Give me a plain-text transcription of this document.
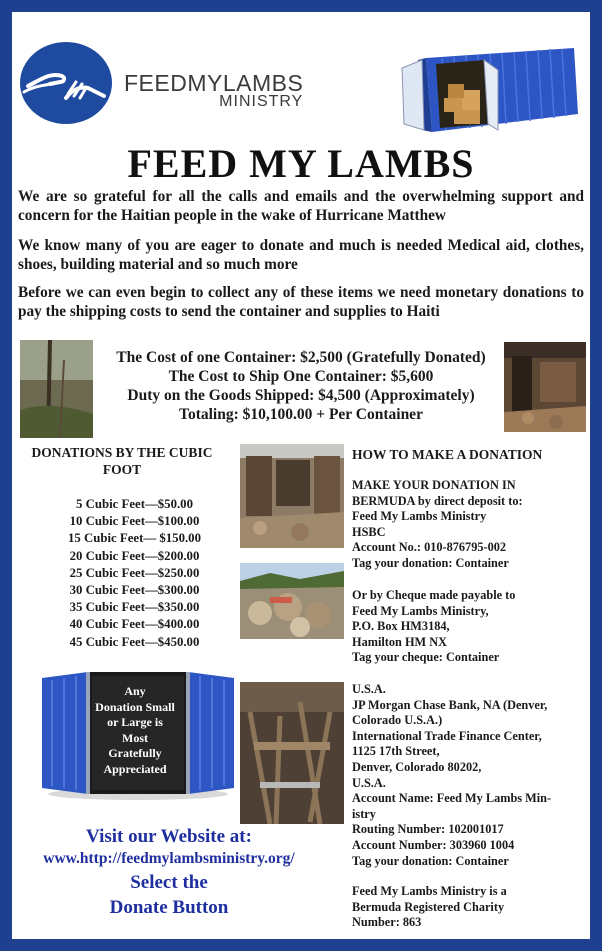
FEEDMYLAMBS
MINISTRY
FEED MY LAMBS
We are so grateful for all the calls and emails and the overwhelming support and concern for the Haitian people in the wake of Hurricane Matthew
We know many of you are eager to donate and much is needed Medical aid, clothes, shoes, building material and so much more
Before we can even begin to collect any of these items we need monetary donations to pay the shipping costs to send the container and supplies to Haiti
The Cost of one Container: $2,500 (Gratefully Donated)
The Cost to Ship One Container: $5,600
Duty on the Goods Shipped: $4,500 (Approximately)
Totaling: $10,100.00 + Per Container
DONATIONS BY THE CUBIC
FOOT
5 Cubic Feet—$50.00
10 Cubic Feet—$100.00
15 Cubic Feet— $150.00
20 Cubic Feet—$200.00
25 Cubic Feet—$250.00
30 Cubic Feet—$300.00
35 Cubic Feet—$350.00
40 Cubic Feet—$400.00
45 Cubic Feet—$450.00
Any
Donation Small
or Large is
Most
Gratefully
Appreciated
Visit our Website at:
www.http://feedmylambsministry.org/
Select the
Donate Button
HOW TO MAKE A DONATION
MAKE YOUR DONATION IN
BERMUDA by direct deposit to:
Feed My Lambs Ministry
HSBC
Account No.: 010-876795-002
Tag your donation: Container
Or by Cheque made payable to
Feed My Lambs Ministry,
P.O. Box HM3184,
Hamilton HM NX
Tag your cheque: Container
U.S.A.
JP Morgan Chase Bank, NA (Denver,
Colorado U.S.A.)
International Trade Finance Center,
1125 17th Street,
Denver, Colorado 80202,
U.S.A.
Account Name: Feed My Lambs Min-
istry
Routing Number: 102001017
Account Number: 303960 1004
Tag your donation: Container
Feed My Lambs Ministry is a
Bermuda Registered Charity
Number: 863
